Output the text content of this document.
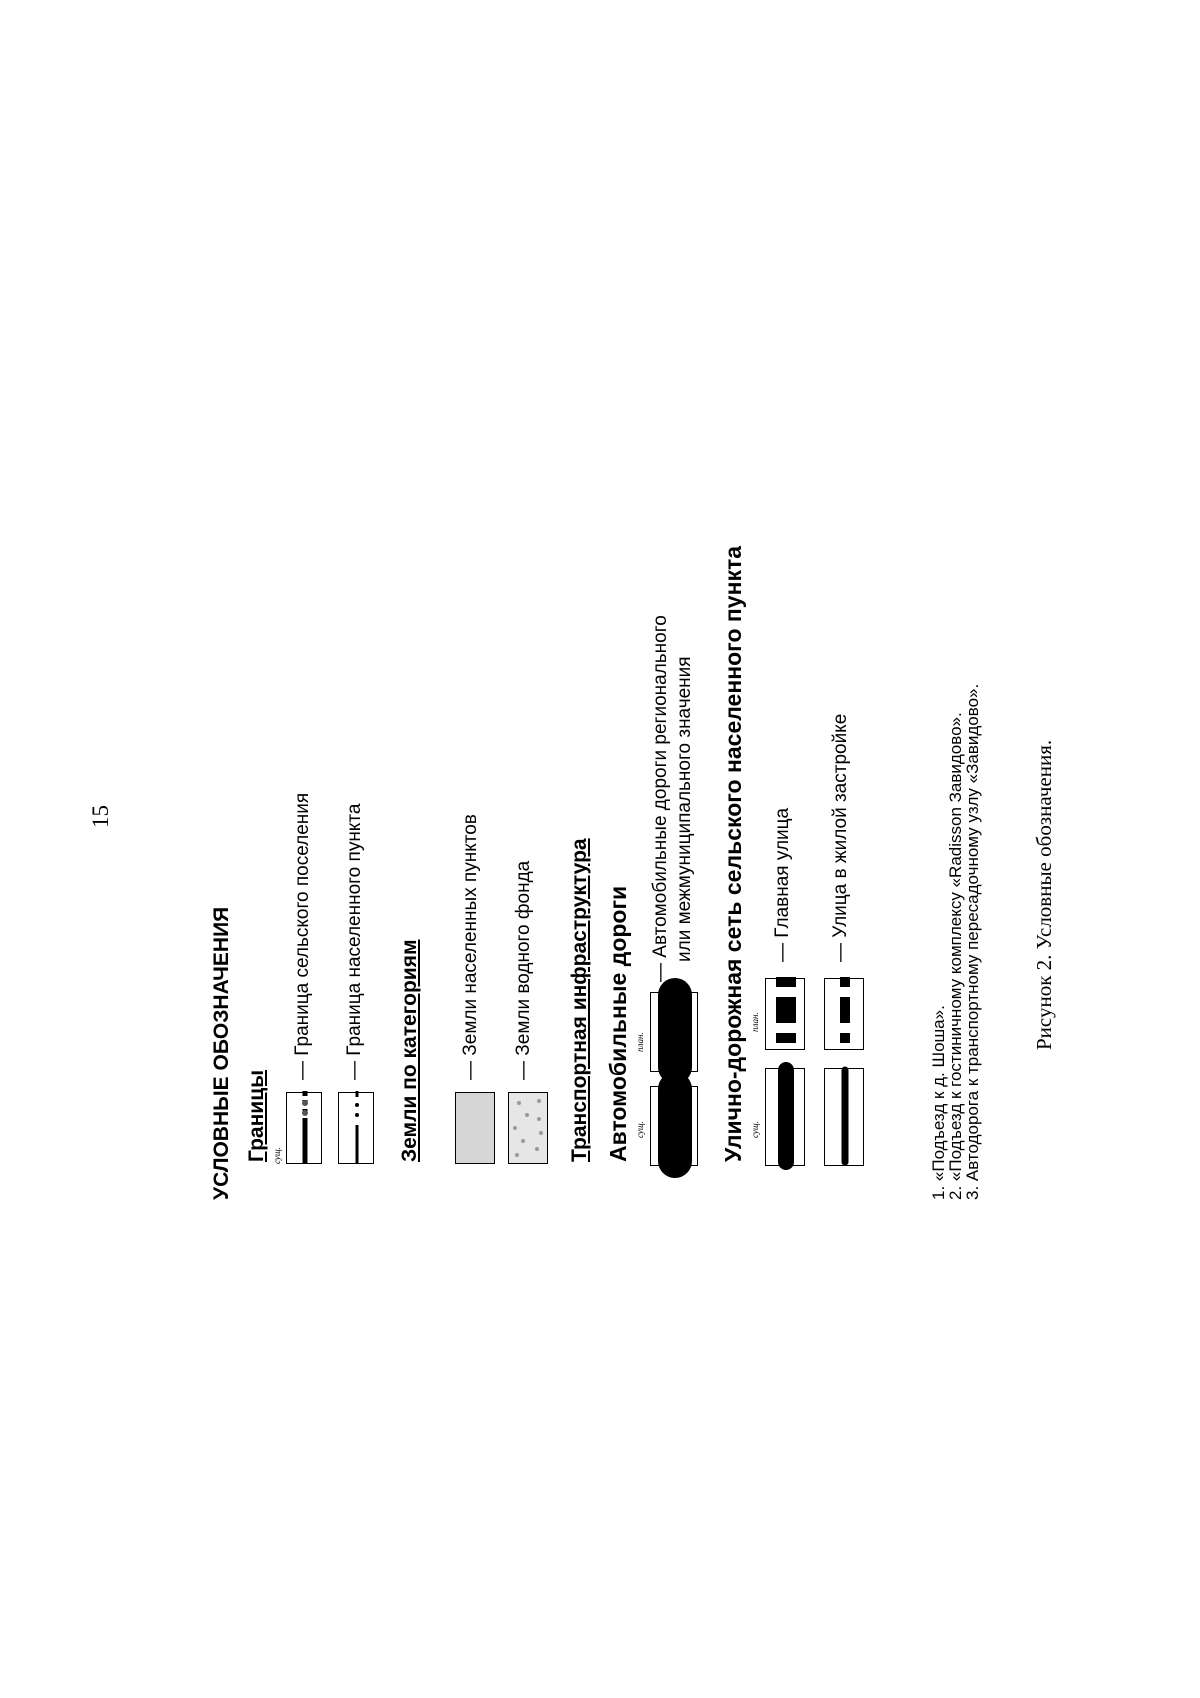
15
УСЛОВНЫЕ ОБОЗНАЧЕНИЯ Границы сущ.
— Граница сельского поселения — Граница населенного пункта Земли по категориям — Земли населенных пунктов — Земли водного фонда Транспортная инфраструктура Автомобильные дороги сущ.
план.
— Автомобильные дороги регионального или межмуниципального значения Улично-дорожная сеть сельского населенного пункта сущ.
план.
— Главная улица — Улица в жилой застройке
1. «Подъезд к д. Шоша».
2. «Подъезд к гостиничному комплексу «Radisson Завидово».
3. Автодорога к транспортному пересадочному узлу «Завидово». Рисунок 2. Условные обозначения.
